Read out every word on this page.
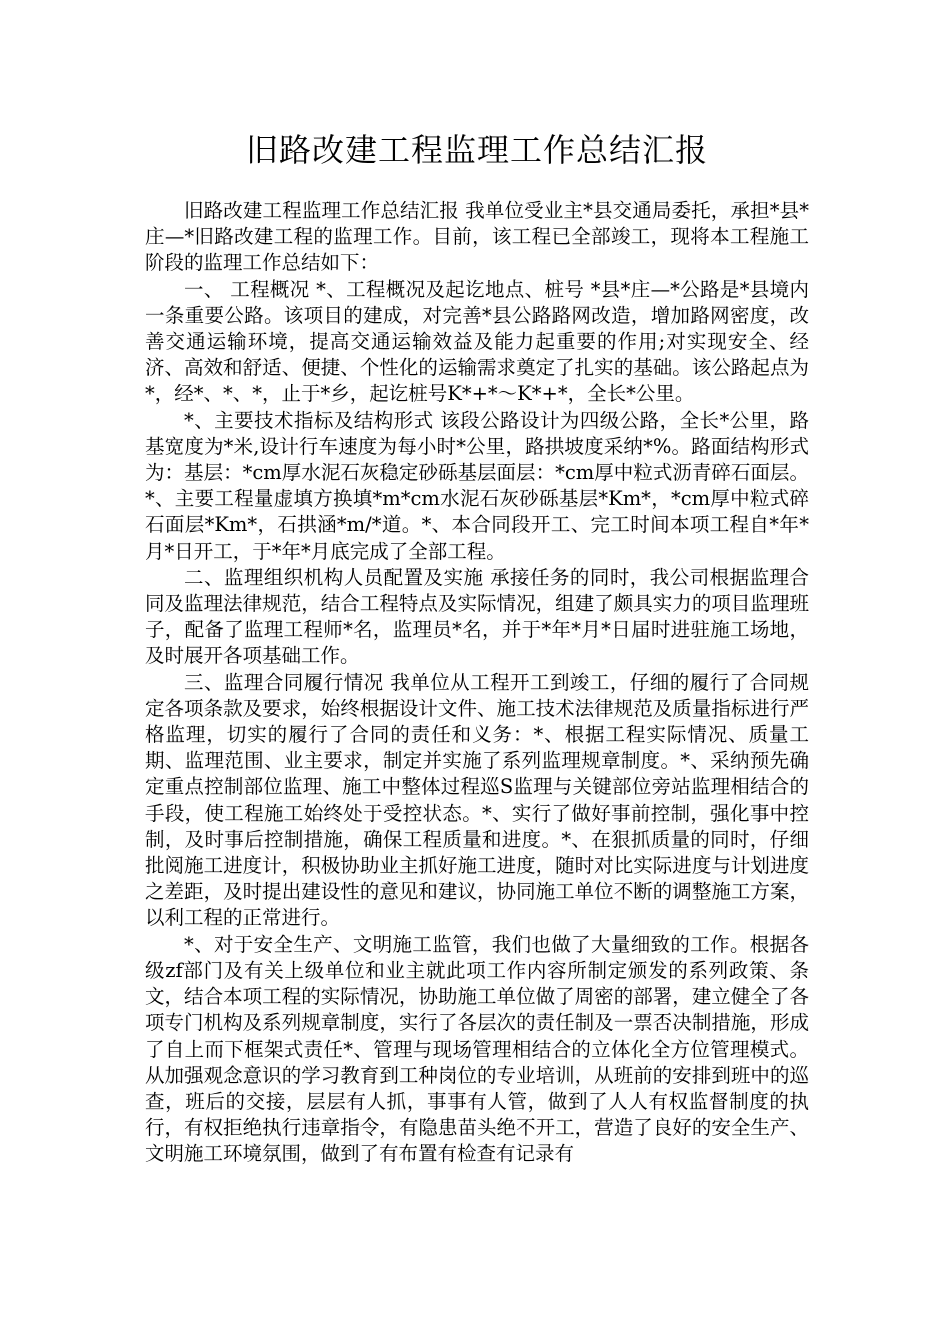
旧路改建工程监理工作总结汇报

旧路改建工程监理工作总结汇报 我单位受业主*县交通局委托，承担*县*庄—*旧路改建工程的监理工作。目前，该工程已全部竣工，现将本工程施工阶段的监理工作总结如下：

一、 工程概况 *、工程概况及起讫地点、桩号 *县*庄—*公路是*县境内一条重要公路。该项目的建成，对完善*县公路路网改造，增加路网密度，改善交通运输环境，提高交通运输效益及能力起重要的作用;对实现安全、经济、高效和舒适、便捷、个性化的运输需求奠定了扎实的基础。该公路起点为*，经*、*、*，止于*乡，起讫桩号K*+*～K*+*，全长*公里。

*、主要技术指标及结构形式 该段公路设计为四级公路，全长*公里，路基宽度为*米,设计行车速度为每小时*公里，路拱坡度采纳*%。路面结构形式为：基层：*cm厚水泥石灰稳定砂砾基层面层：*cm厚中粒式沥青碎石面层。*、主要工程量虚填方换填*m*cm水泥石灰砂砾基层*Km*，*cm厚中粒式碎石面层*Km*，石拱涵*m/*道。*、本合同段开工、完工时间本项工程自*年*月*日开工，于*年*月底完成了全部工程。

二、监理组织机构人员配置及实施 承接任务的同时，我公司根据监理合同及监理法律规范，结合工程特点及实际情况，组建了颇具实力的项目监理班子，配备了监理工程师*名，监理员*名，并于*年*月*日届时进驻施工场地，及时展开各项基础工作。

三、监理合同履行情况 我单位从工程开工到竣工，仔细的履行了合同规定各项条款及要求，始终根据设计文件、施工技术法律规范及质量指标进行严格监理，切实的履行了合同的责任和义务：*、根据工程实际情况、质量工期、监理范围、业主要求，制定并实施了系列监理规章制度。*、采纳预先确定重点控制部位监理、施工中整体过程巡S监理与关键部位旁站监理相结合的手段，使工程施工始终处于受控状态。*、实行了做好事前控制，强化事中控制，及时事后控制措施，确保工程质量和进度。*、在狠抓质量的同时，仔细批阅施工进度计，积极协助业主抓好施工进度，随时对比实际进度与计划进度之差距，及时提出建设性的意见和建议，协同施工单位不断的调整施工方案，以利工程的正常进行。

*、对于安全生产、文明施工监管，我们也做了大量细致的工作。根据各级zf部门及有关上级单位和业主就此项工作内容所制定颁发的系列政策、条文，结合本项工程的实际情况，协助施工单位做了周密的部署，建立健全了各项专门机构及系列规章制度，实行了各层次的责任制及一票否决制措施，形成了自上而下框架式责任*、管理与现场管理相结合的立体化全方位管理模式。从加强观念意识的学习教育到工种岗位的专业培训，从班前的安排到班中的巡查，班后的交接，层层有人抓，事事有人管，做到了人人有权监督制度的执行，有权拒绝执行违章指令，有隐患苗头绝不开工，营造了良好的安全生产、文明施工环境氛围，做到了有布置有检查有记录有
